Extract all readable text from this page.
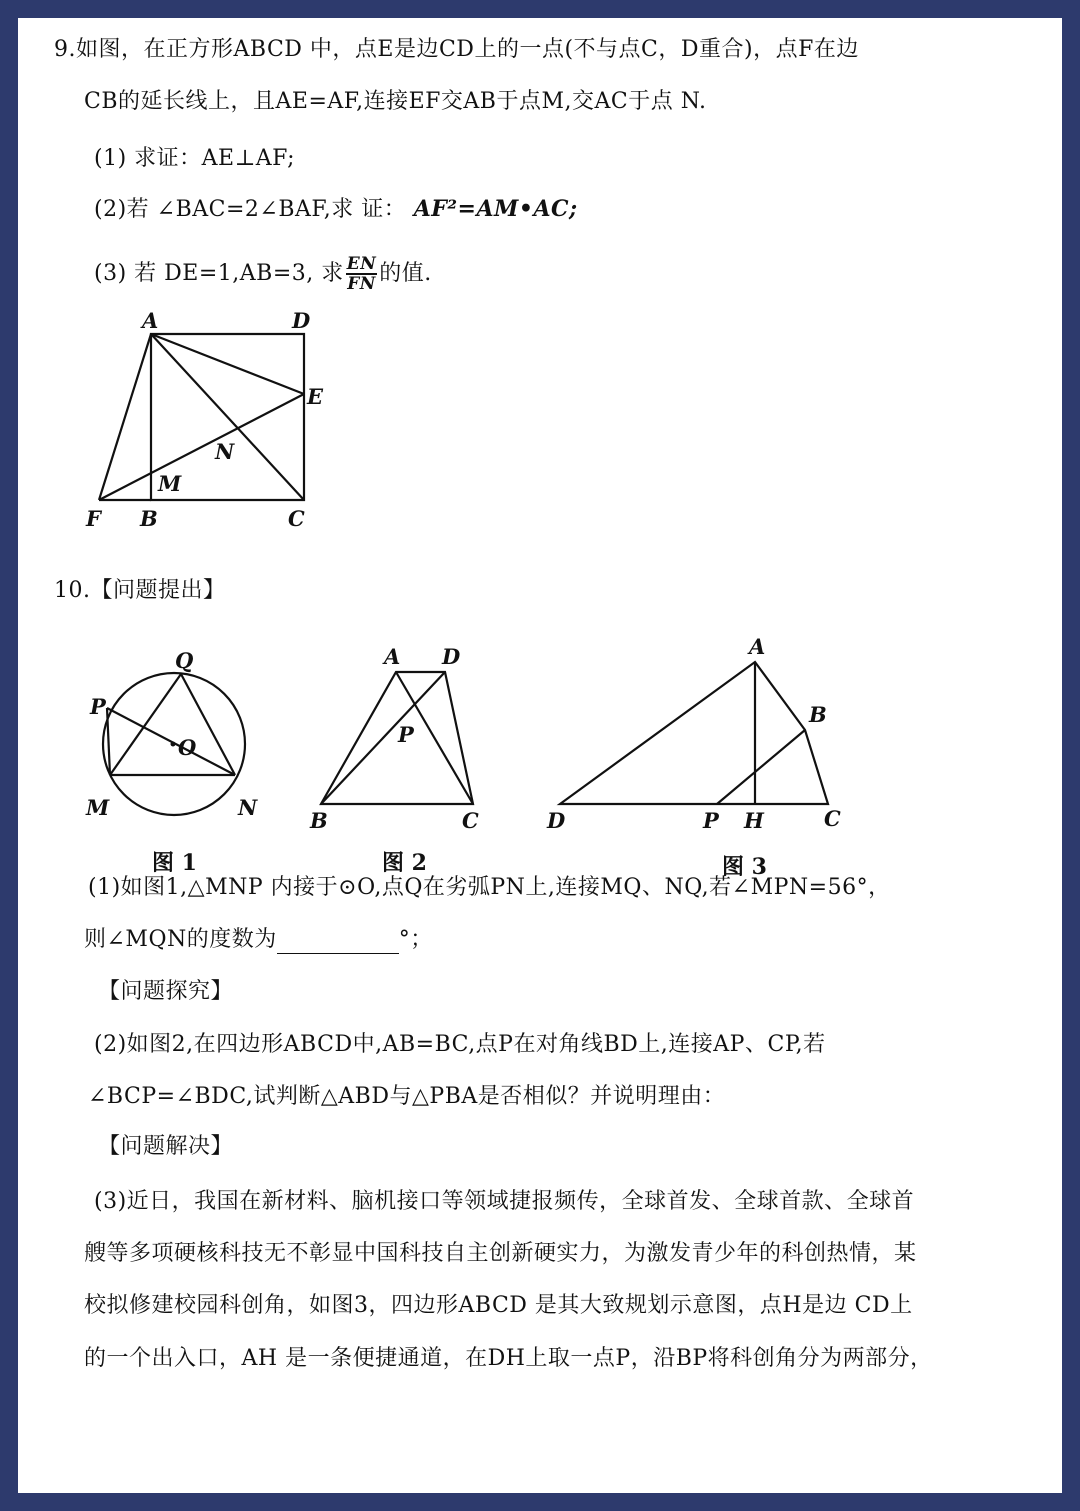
9.如图，在正方形ABCD 中，点E是边CD上的一点(不与点C，D重合)，点F在边
CB的延长线上，且AE=AF,连接EF交AB于点M,交AC于点 N.
(1) 求证：AE⊥AF;
(2)若 ∠BAC=2∠BAF,求 证： AF²=AM•AC;
(3) 若 DE=1,AB=3, 求 $\frac{EN}{FN}$ 的值.
A	D
E
N
M
F B	C
10.【问题提出】
Q
P
O
M	N
图 1
A D
P
B	C
图 2
A
B
D	P H	C
图 3
(1)如图1,△MNP 内接于⊙O,点Q在劣弧PN上,连接MQ、NQ,若∠MPN=56°，
则∠MQN的度数为	°；
【问题探究】
(2)如图2,在四边形ABCD中,AB=BC,点P在对角线BD上,连接AP、CP,若
∠BCP=∠BDC,试判断△ABD与△PBA是否相似？并说明理由：
【问题解决】
(3)近日，我国在新材料、脑机接口等领域捷报频传，全球首发、全球首款、全球首
艘等多项硬核科技无不彰显中国科技自主创新硬实力，为激发青少年的科创热情，某
校拟修建校园科创角，如图3，四边形ABCD 是其大致规划示意图，点H是边 CD上
的一个出入口，AH 是一条便捷通道，在DH上取一点P，沿BP将科创角分为两部分，
